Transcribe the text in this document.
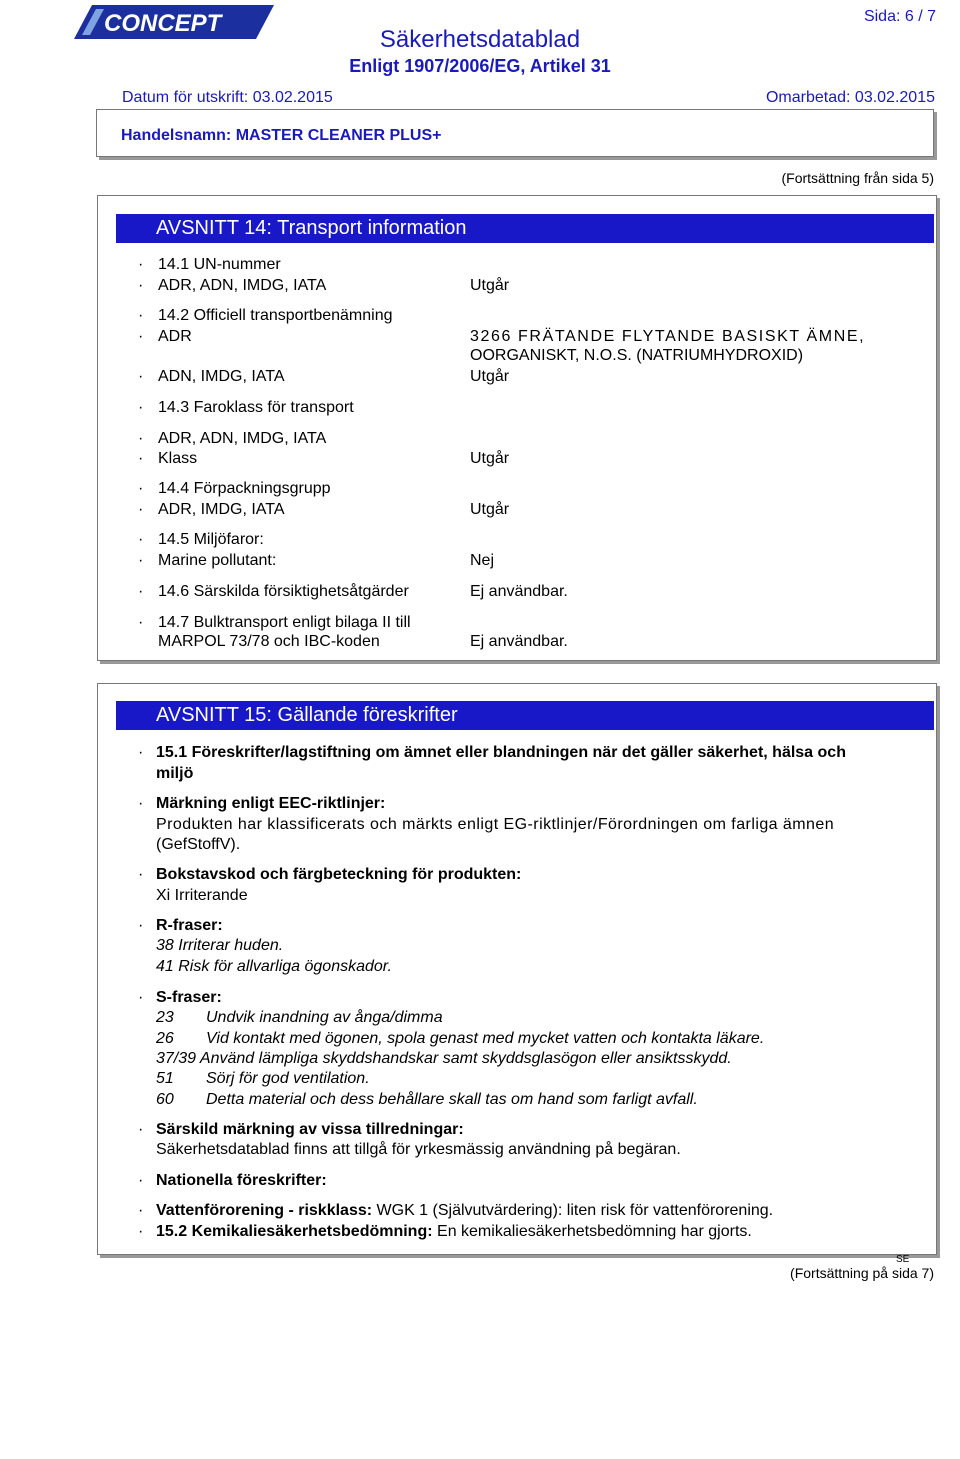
CONCEPT	Sida: 6 / 7
Säkerhetsdatablad
Enligt 1907/2006/EG, Artikel 31
Datum för utskrift: 03.02.2015	Omarbetad: 03.02.2015
Handelsnamn: MASTER CLEANER PLUS+
(Fortsättning från sida 5)
AVSNITT 14: Transport information
· 14.1 UN-nummer
· ADR, ADN, IMDG, IATA	Utgår
· 14.2 Officiell transportbenämning
· ADR	3266 FRÄTANDE FLYTANDE BASISKT ÄMNE,
OORGANISKT, N.O.S. (NATRIUMHYDROXID)
· ADN, IMDG, IATA	Utgår
· 14.3 Faroklass för transport
· ADR, ADN, IMDG, IATA
· Klass	Utgår
· 14.4 Förpackningsgrupp
· ADR, IMDG, IATA	Utgår
· 14.5 Miljöfaror:
· Marine pollutant:	Nej
· 14.6 Särskilda försiktighetsåtgärder	Ej användbar.
· 14.7 Bulktransport enligt bilaga II till
MARPOL 73/78 och IBC-koden	Ej användbar.
AVSNITT 15: Gällande föreskrifter
· 15.1 Föreskrifter/lagstiftning om ämnet eller blandningen när det gäller säkerhet, hälsa och
miljö
· Märkning enligt EEC-riktlinjer:
Produkten har klassificerats och märkts enligt EG-riktlinjer/Förordningen om farliga ämnen
(GefStoffV).
· Bokstavskod och färgbeteckning för produkten:
Xi Irriterande
· R-fraser:
38 Irriterar huden.
41 Risk för allvarliga ögonskador.
· S-fraser:
23 Undvik inandning av ånga/dimma
26 Vid kontakt med ögonen, spola genast med mycket vatten och kontakta läkare.
37/39 Använd lämpliga skyddshandskar samt skyddsglasögon eller ansiktsskydd.
51 Sörj för god ventilation.
60 Detta material och dess behållare skall tas om hand som farligt avfall.
· Särskild märkning av vissa tillredningar:
Säkerhetsdatablad finns att tillgå för yrkesmässig användning på begäran.
· Nationella föreskrifter:
· Vattenförorening - riskklass: WGK 1 (Självutvärdering): liten risk för vattenförorening.
· 15.2 Kemikaliesäkerhetsbedömning: En kemikaliesäkerhetsbedömning har gjorts.
SE
(Fortsättning på sida 7)
